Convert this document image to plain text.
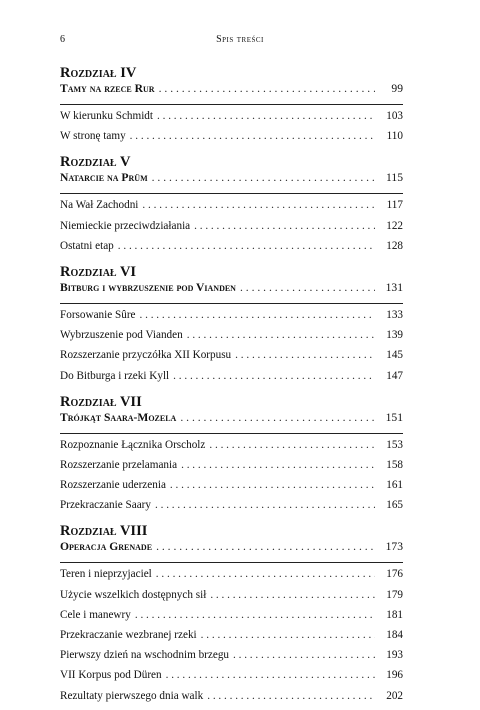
6	Spis treści
Rozdział IV
Tamy na rzece Rur . . .	99
W kierunku Schmidt . . .	103
W stronę tamy . . .	110
Rozdział V
Natarcie na Prüm . . .	115
Na Wał Zachodni . . .	117
Niemieckie przeciwdziałania . . .	122
Ostatni etap . . .	128
Rozdział VI
Bitburg i wybrzuszenie pod Vianden . . .	131
Forsowanie Sûre . . .	133
Wybrzuszenie pod Vianden . . .	139
Rozszerzanie przyczółka XII Korpusu . . .	145
Do Bitburga i rzeki Kyll . . .	147
Rozdział VII
Trójkąt Saara-Mozela . . .	151
Rozpoznanie Łącznika Orscholz . . .	153
Rozszerzanie przelamania . . .	158
Rozszerzanie uderzenia . . .	161
Przekraczanie Saary . . .	165
Rozdział VIII
Operacja Grenade . . .	173
Teren i nieprzyjaciel . . .	176
Użycie wszelkich dostępnych sił . . .	179
Cele i manewry . . .	181
Przekraczanie wezbranej rzeki . . .	184
Pierwszy dzień na wschodnim brzegu . . .	193
VII Korpus pod Düren . . .	196
Rezultaty pierwszego dnia walk . . .	202
